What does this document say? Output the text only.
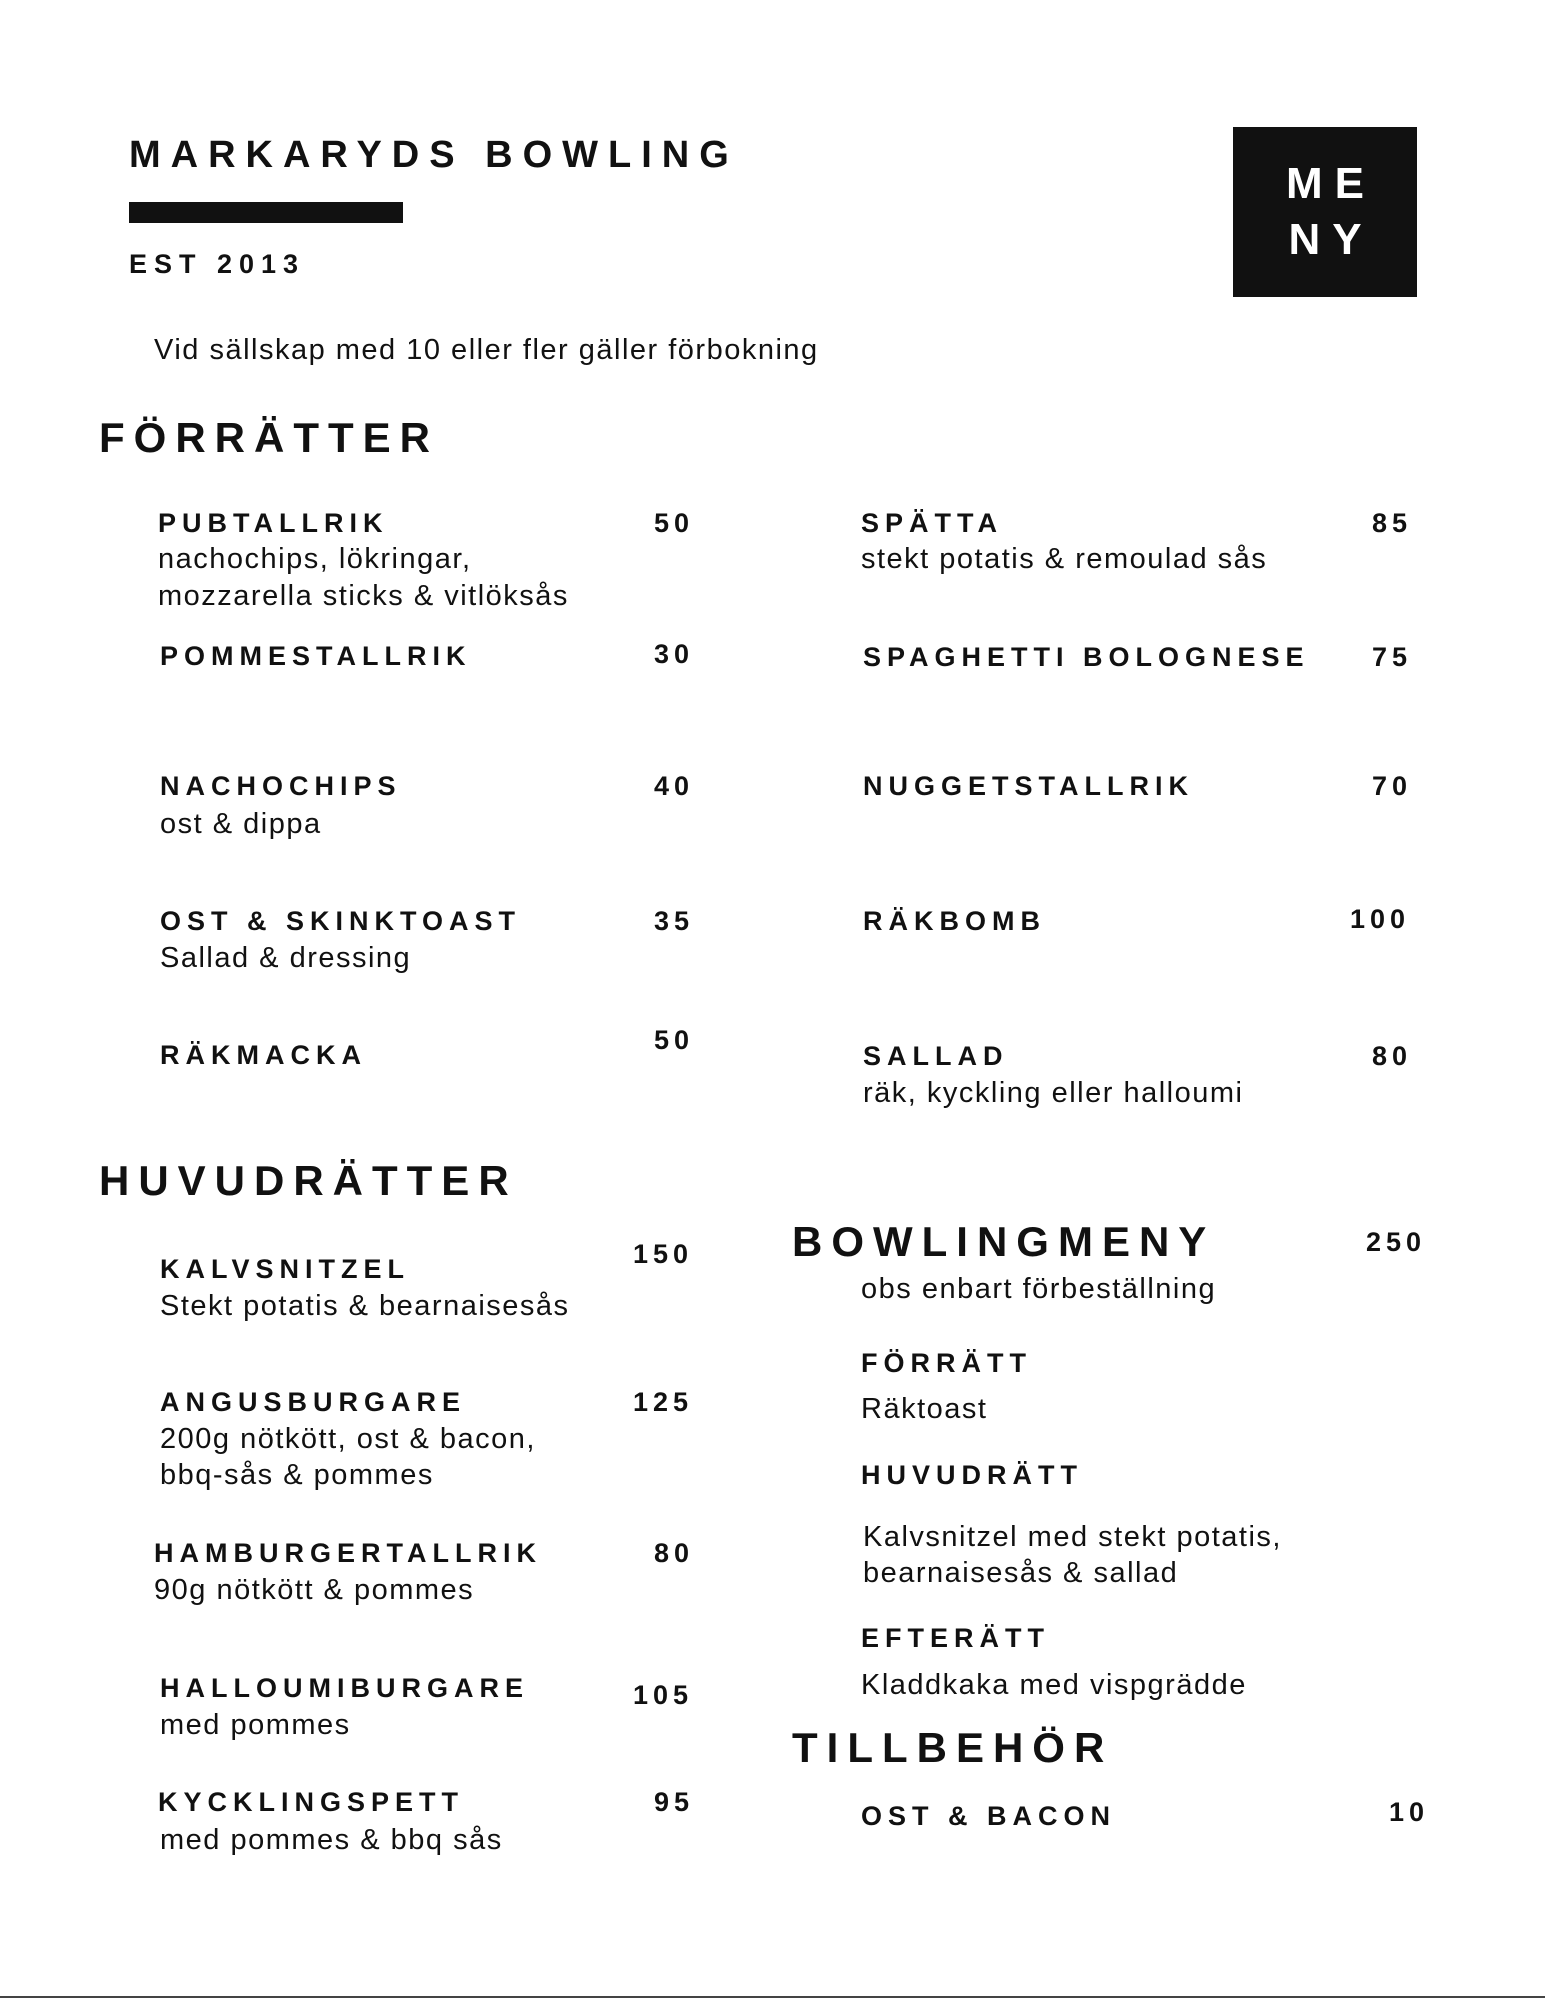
MARKARYDS BOWLING
EST 2013
ME
NY
Vid sällskap med 10 eller fler gäller förbokning
FÖRRÄTTER
PUBTALLRIK	50
nachochips, lökringar,
mozzarella sticks & vitlöksås
POMMESTALLRIK	30
NACHOCHIPS	40
ost & dippa
OST & SKINKTOAST	35
Sallad & dressing
RÄKMACKA	50
SPÄTTA	85
stekt potatis & remoulad sås
SPAGHETTI BOLOGNESE 75
NUGGETSTALLRIK	70
RÄKBOMB	100
SALLAD	80
räk, kyckling eller halloumi
HUVUDRÄTTER
KALVSNITZEL	150
Stekt potatis & bearnaisesås
ANGUSBURGARE	125
200g nötkött, ost & bacon,
bbq-sås & pommes
HAMBURGERTALLRIK	80
90g nötkött & pommes
HALLOUMIBURGARE	105
med pommes
KYCKLINGSPETT	95
med pommes & bbq sås
BOWLINGMENY	250
obs enbart förbeställning
FÖRRÄTT
Räktoast
HUVUDRÄTT
Kalvsnitzel med stekt potatis,
bearnaisesås & sallad
EFTERÄTT
Kladdkaka med vispgrädde
TILLBEHÖR
OST & BACON	10
